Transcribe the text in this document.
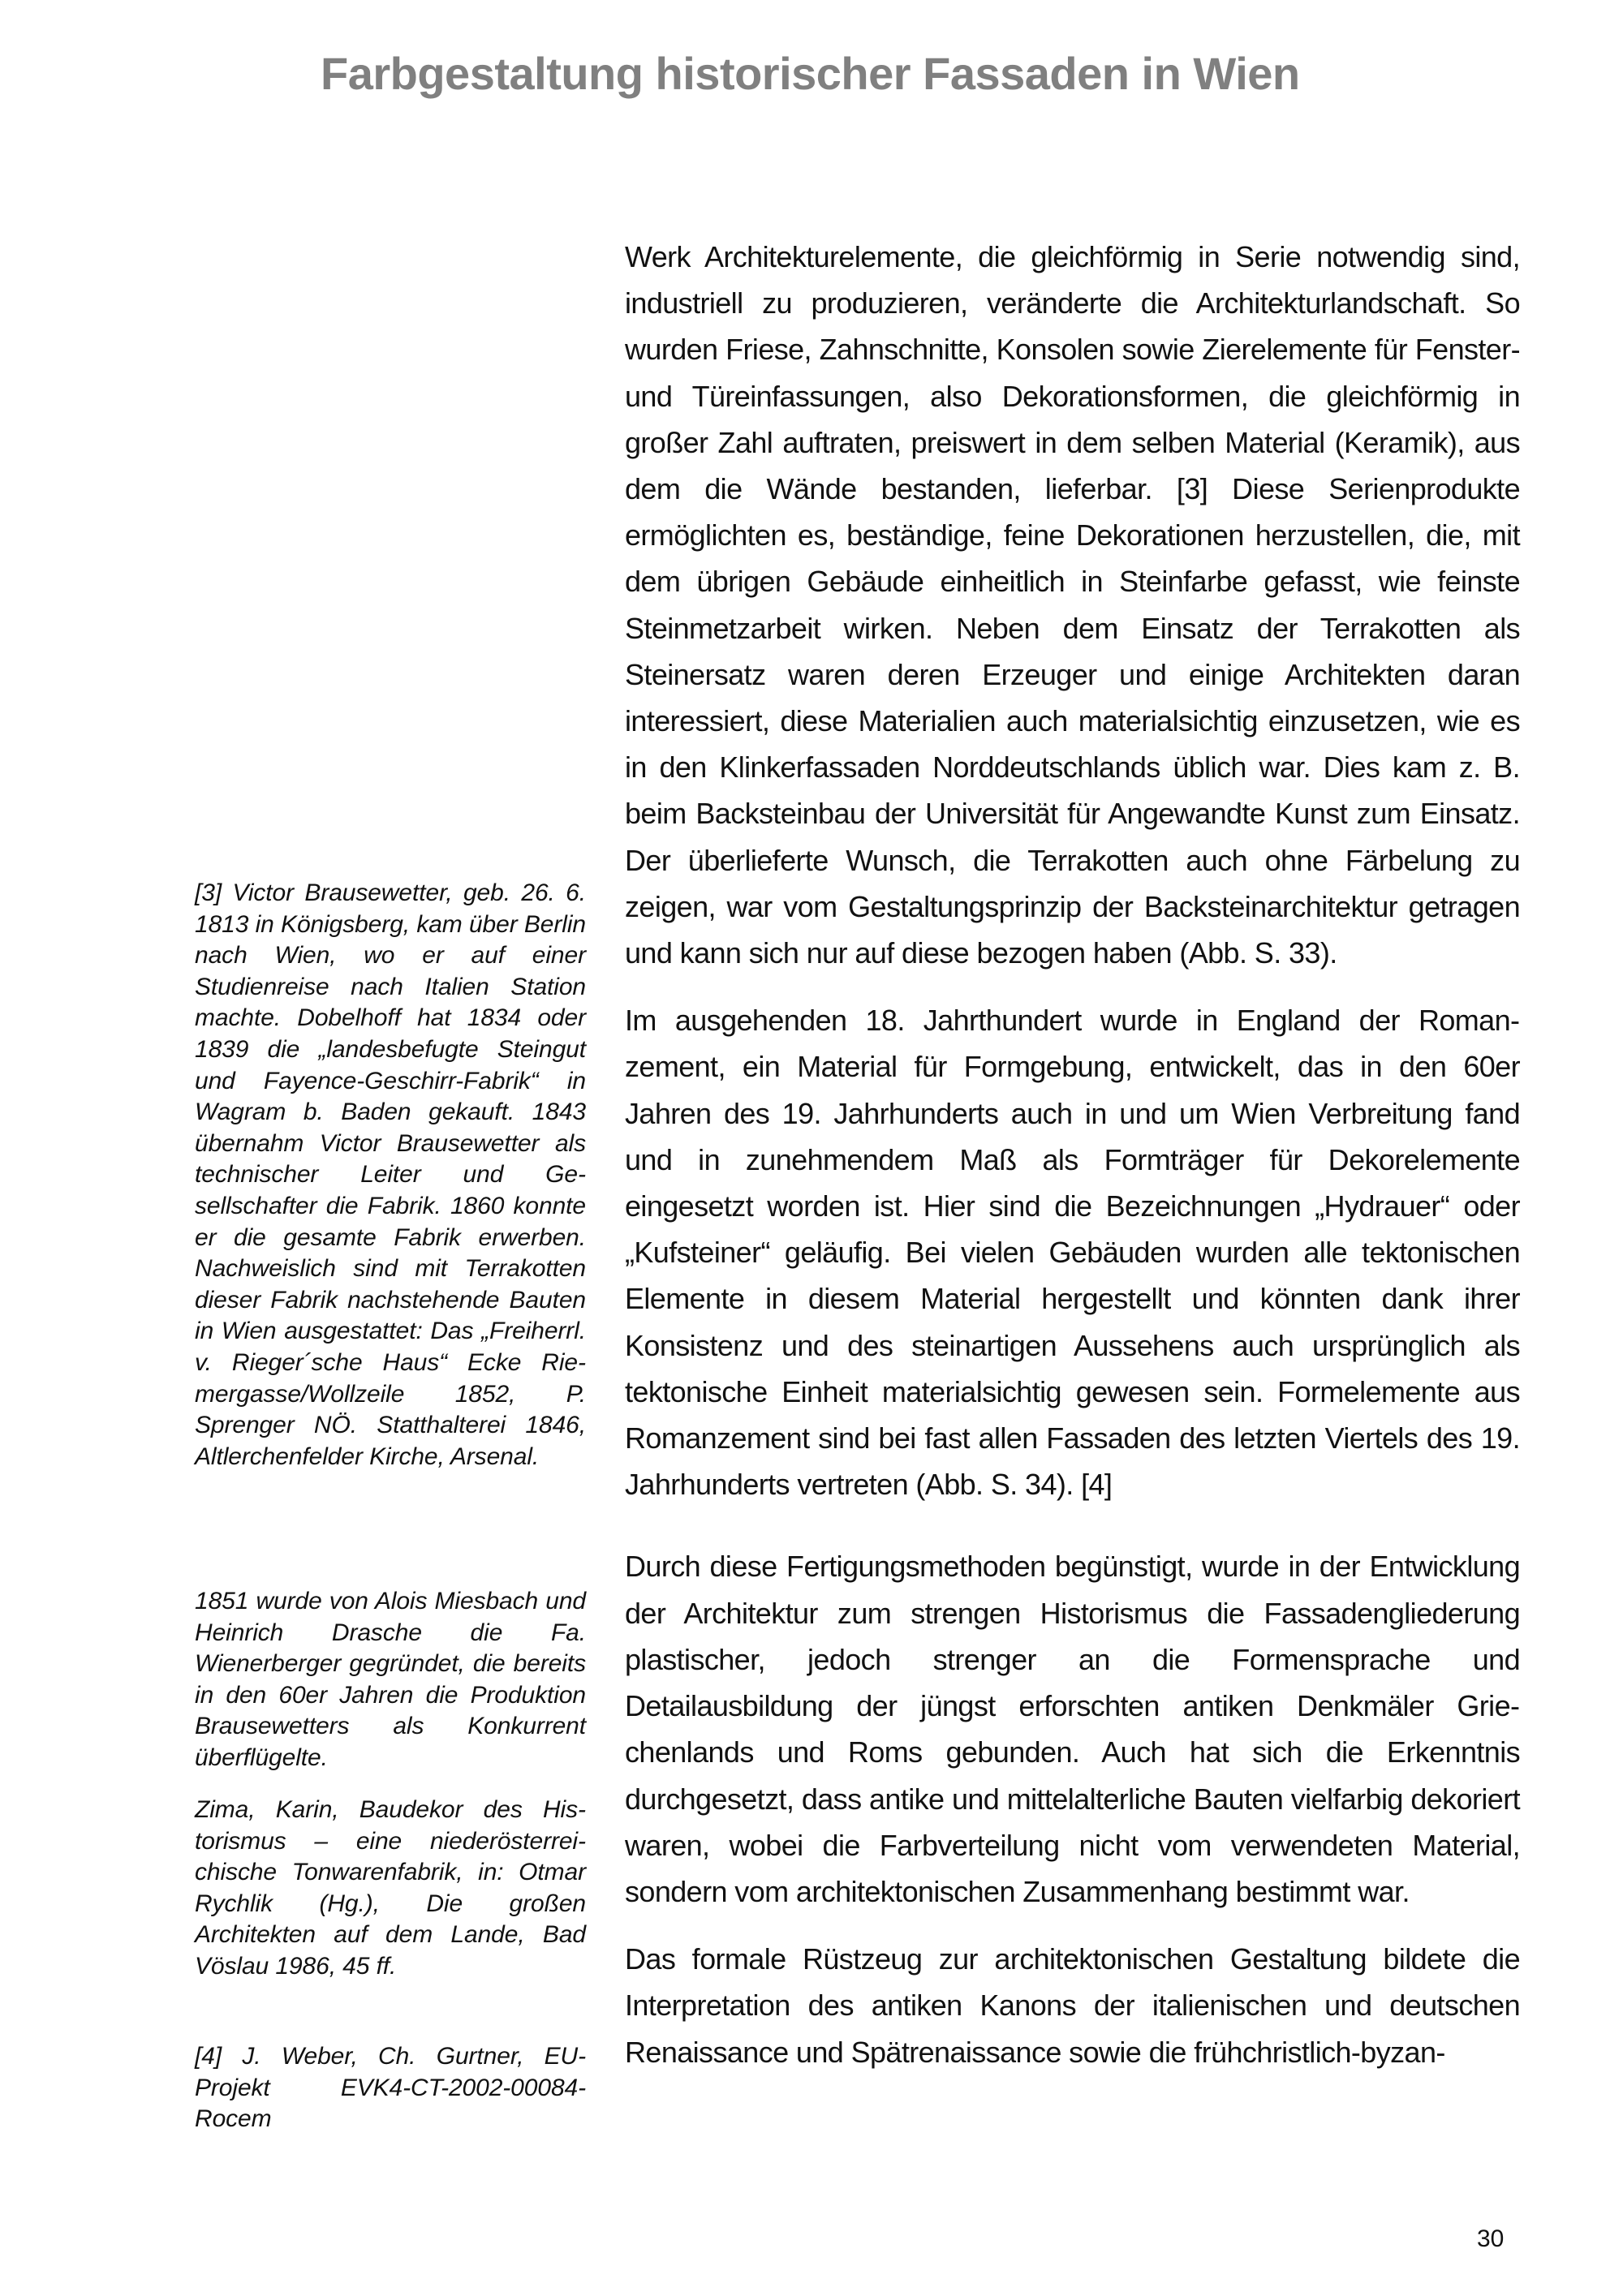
Farbgestaltung historischer Fassaden in Wien

Werk Architekturelemente, die gleichförmig in Serie notwendig sind, industriell zu produzieren, veränderte die Architekturlandschaft. So wurden Friese, Zahnschnitte, Konsolen sowie Zierelemente für Fenster- und Türeinfassungen, also Dekorationsformen, die gleichförmig in großer Zahl auftraten, preiswert in dem selben Material (Keramik), aus dem die Wände bestanden, lieferbar. [3] Diese Serienprodukte ermöglichten es, beständige, feine Dekorationen herzustellen, die, mit dem übrigen Gebäude einheitlich in Steinfarbe gefasst, wie feinste Steinmetzarbeit wirken. Neben dem Einsatz der Terrakotten als Steinersatz waren deren Erzeuger und einige Architekten daran interessiert, diese Materialien auch materialsichtig einzusetzen, wie es in den Klinkerfassaden Norddeutschlands üblich war. Dies kam z. B. beim Backsteinbau der Universität für Angewandte Kunst zum Einsatz. Der überlieferte Wunsch, die Terrakotten auch ohne Färbelung zu zeigen, war vom Gestaltungsprinzip der Backsteinarchitektur getragen und kann sich nur auf diese bezogen haben (Abb. S. 33).

Im ausgehenden 18. Jahrthundert wurde in England der Romanzement, ein Material für Formgebung, entwickelt, das in den 60er Jahren des 19. Jahrhunderts auch in und um Wien Verbreitung fand und in zunehmendem Maß als Formträger für Dekorelemente eingesetzt worden ist. Hier sind die Bezeichnungen „Hydrauer“ oder „Kufsteiner“ geläufig. Bei vielen Gebäuden wurden alle tektonischen Elemente in diesem Material hergestellt und könnten dank ihrer Konsistenz und des steinartigen Aussehens auch ursprünglich als tektonische Einheit materialsichtig gewesen sein. Formelemente aus Romanzement sind bei fast allen Fassaden des letzten Viertels des 19. Jahrhunderts vertreten (Abb. S. 34). [4]

Durch diese Fertigungsmethoden begünstigt, wurde in der Entwicklung der Architektur zum strengen Historismus die Fassadengliederung plastischer, jedoch strenger an die Formensprache und Detailausbildung der jüngst erforschten antiken Denkmäler Griechenlands und Roms gebunden. Auch hat sich die Erkenntnis durchgesetzt, dass antike und mittelalterliche Bauten vielfarbig dekoriert waren, wobei die Farbverteilung nicht vom verwendeten Material, sondern vom architektonischen Zusammenhang bestimmt war.

Das formale Rüstzeug zur architektonischen Gestaltung bildete die Interpretation des antiken Kanons der italienischen und deutschen Renaissance und Spätrenaissance sowie die frühchristlich-byzan-

[3] Victor Brausewetter, geb. 26. 6. 1813 in Königsberg, kam über Berlin nach Wien, wo er auf einer Studienreise nach Italien Station machte. Dobelhoff hat 1834 oder 1839 die „landesbefugte Steingut und Fayence-Geschirr-Fabrik“ in Wagram b. Baden gekauft. 1843 übernahm Victor Brausewetter als technischer Leiter und Gesellschafter die Fabrik. 1860 konnte er die gesamte Fabrik erwerben. Nachweislich sind mit Terrakotten dieser Fabrik nachstehende Bauten in Wien ausgestattet: Das „Freiherrl. v. Rieger´sche Haus“ Ecke Riemergasse/Wollzeile 1852, P. Sprenger NÖ. Statthalterei 1846, Altlerchenfelder Kirche, Arsenal.

1851 wurde von Alois Miesbach und Heinrich Drasche die Fa. Wienerberger gegründet, die bereits in den 60er Jahren die Produktion Brausewetters als Konkurrent überflügelte.

Zima, Karin, Baudekor des Historismus – eine niederösterreichische Tonwarenfabrik, in: Otmar Rychlik (Hg.), Die großen Architekten auf dem Lande, Bad Vöslau 1986, 45 ff.

[4] J. Weber, Ch. Gurtner, EU-Projekt EVK4-CT-2002-00084-Rocem

30
